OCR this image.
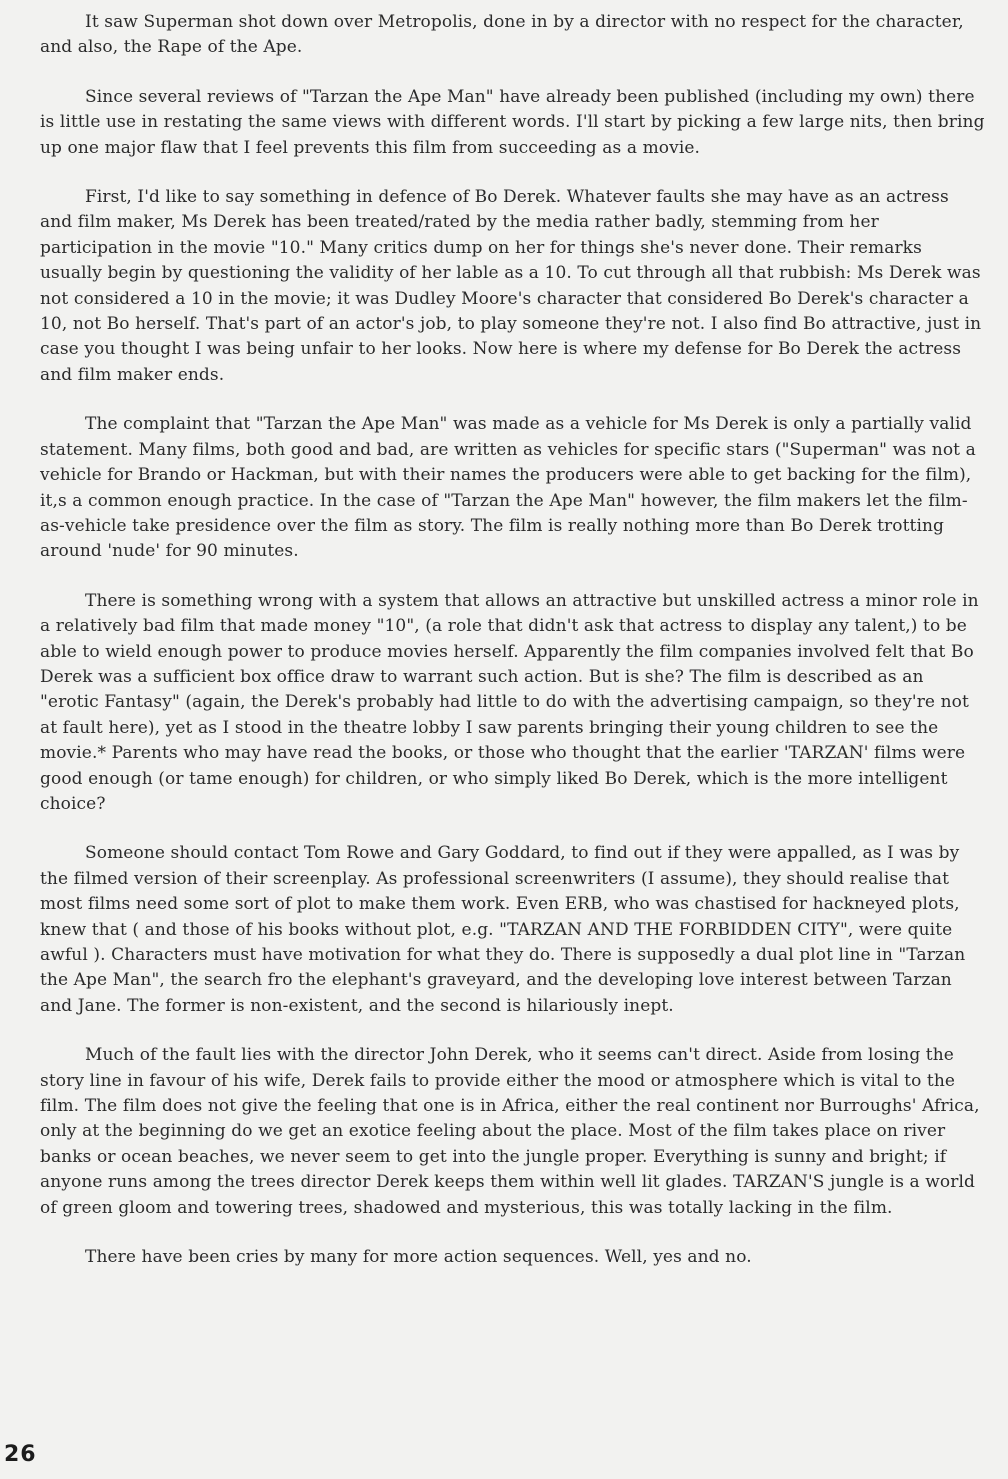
It saw Superman shot down over Metropolis, done in by a director with no respect for the character, and also, the Rape of the Ape.

Since several reviews of "Tarzan the Ape Man" have already been published (including my own) there is little use in restating the same views with different words. I'll start by picking a few large nits, then bring up one major flaw that I feel prevents this film from succeeding as a movie.

First, I'd like to say something in defence of Bo Derek. Whatever faults she may have as an actress and film maker, Ms Derek has been treated/rated by the media rather badly, stemming from her participation in the movie "10." Many critics dump on her for things she's never done. Their remarks usually begin by questioning the validity of her lable as a 10. To cut through all that rubbish: Ms Derek was not considered a 10 in the movie; it was Dudley Moore's character that considered Bo Derek's character a 10, not Bo herself. That's part of an actor's job, to play someone they're not. I also find Bo attractive, just in case you thought I was being unfair to her looks. Now here is where my defense for Bo Derek the actress and film maker ends.

The complaint that "Tarzan the Ape Man" was made as a vehicle for Ms Derek is only a partially valid statement. Many films, both good and bad, are written as vehicles for specific stars ("Superman" was not a vehicle for Brando or Hackman, but with their names the producers were able to get backing for the film), it,s a common enough practice. In the case of "Tarzan the Ape Man" however, the film makers let the film-as-vehicle take presidence over the film as story. The film is really nothing more than Bo Derek trotting around 'nude' for 90 minutes.

There is something wrong with a system that allows an attractive but unskilled actress a minor role in a relatively bad film that made money "10", (a role that didn't ask that actress to display any talent,) to be able to wield enough power to produce movies herself. Apparently the film companies involved felt that Bo Derek was a sufficient box office draw to warrant such action. But is she? The film is described as an "erotic Fantasy" (again, the Derek's probably had little to do with the advertising campaign, so they're not at fault here), yet as I stood in the theatre lobby I saw parents bringing their young children to see the movie.* Parents who may have read the books, or those who thought that the earlier 'TARZAN' films were good enough (or tame enough) for children, or who simply liked Bo Derek, which is the more intelligent choice?

Someone should contact Tom Rowe and Gary Goddard, to find out if they were appalled, as I was by the filmed version of their screenplay. As professional screenwriters (I assume), they should realise that most films need some sort of plot to make them work. Even ERB, who was chastised for hackneyed plots, knew that ( and those of his books without plot, e.g. "TARZAN AND THE FORBIDDEN CITY", were quite awful ). Characters must have motivation for what they do. There is supposedly a dual plot line in "Tarzan the Ape Man", the search fro the elephant's graveyard, and the developing love interest between Tarzan and Jane. The former is non-existent, and the second is hilariously inept.

Much of the fault lies with the director John Derek, who it seems can't direct. Aside from losing the story line in favour of his wife, Derek fails to provide either the mood or atmosphere which is vital to the film. The film does not give the feeling that one is in Africa, either the real continent nor Burroughs' Africa, only at the beginning do we get an exotice feeling about the place. Most of the film takes place on river banks or ocean beaches, we never seem to get into the jungle proper. Everything is sunny and bright; if anyone runs among the trees director Derek keeps them within well lit glades. TARZAN'S jungle is a world of green gloom and towering trees, shadowed and mysterious, this was totally lacking in the film.

There have been cries by many for more action sequences. Well, yes and no.

26
